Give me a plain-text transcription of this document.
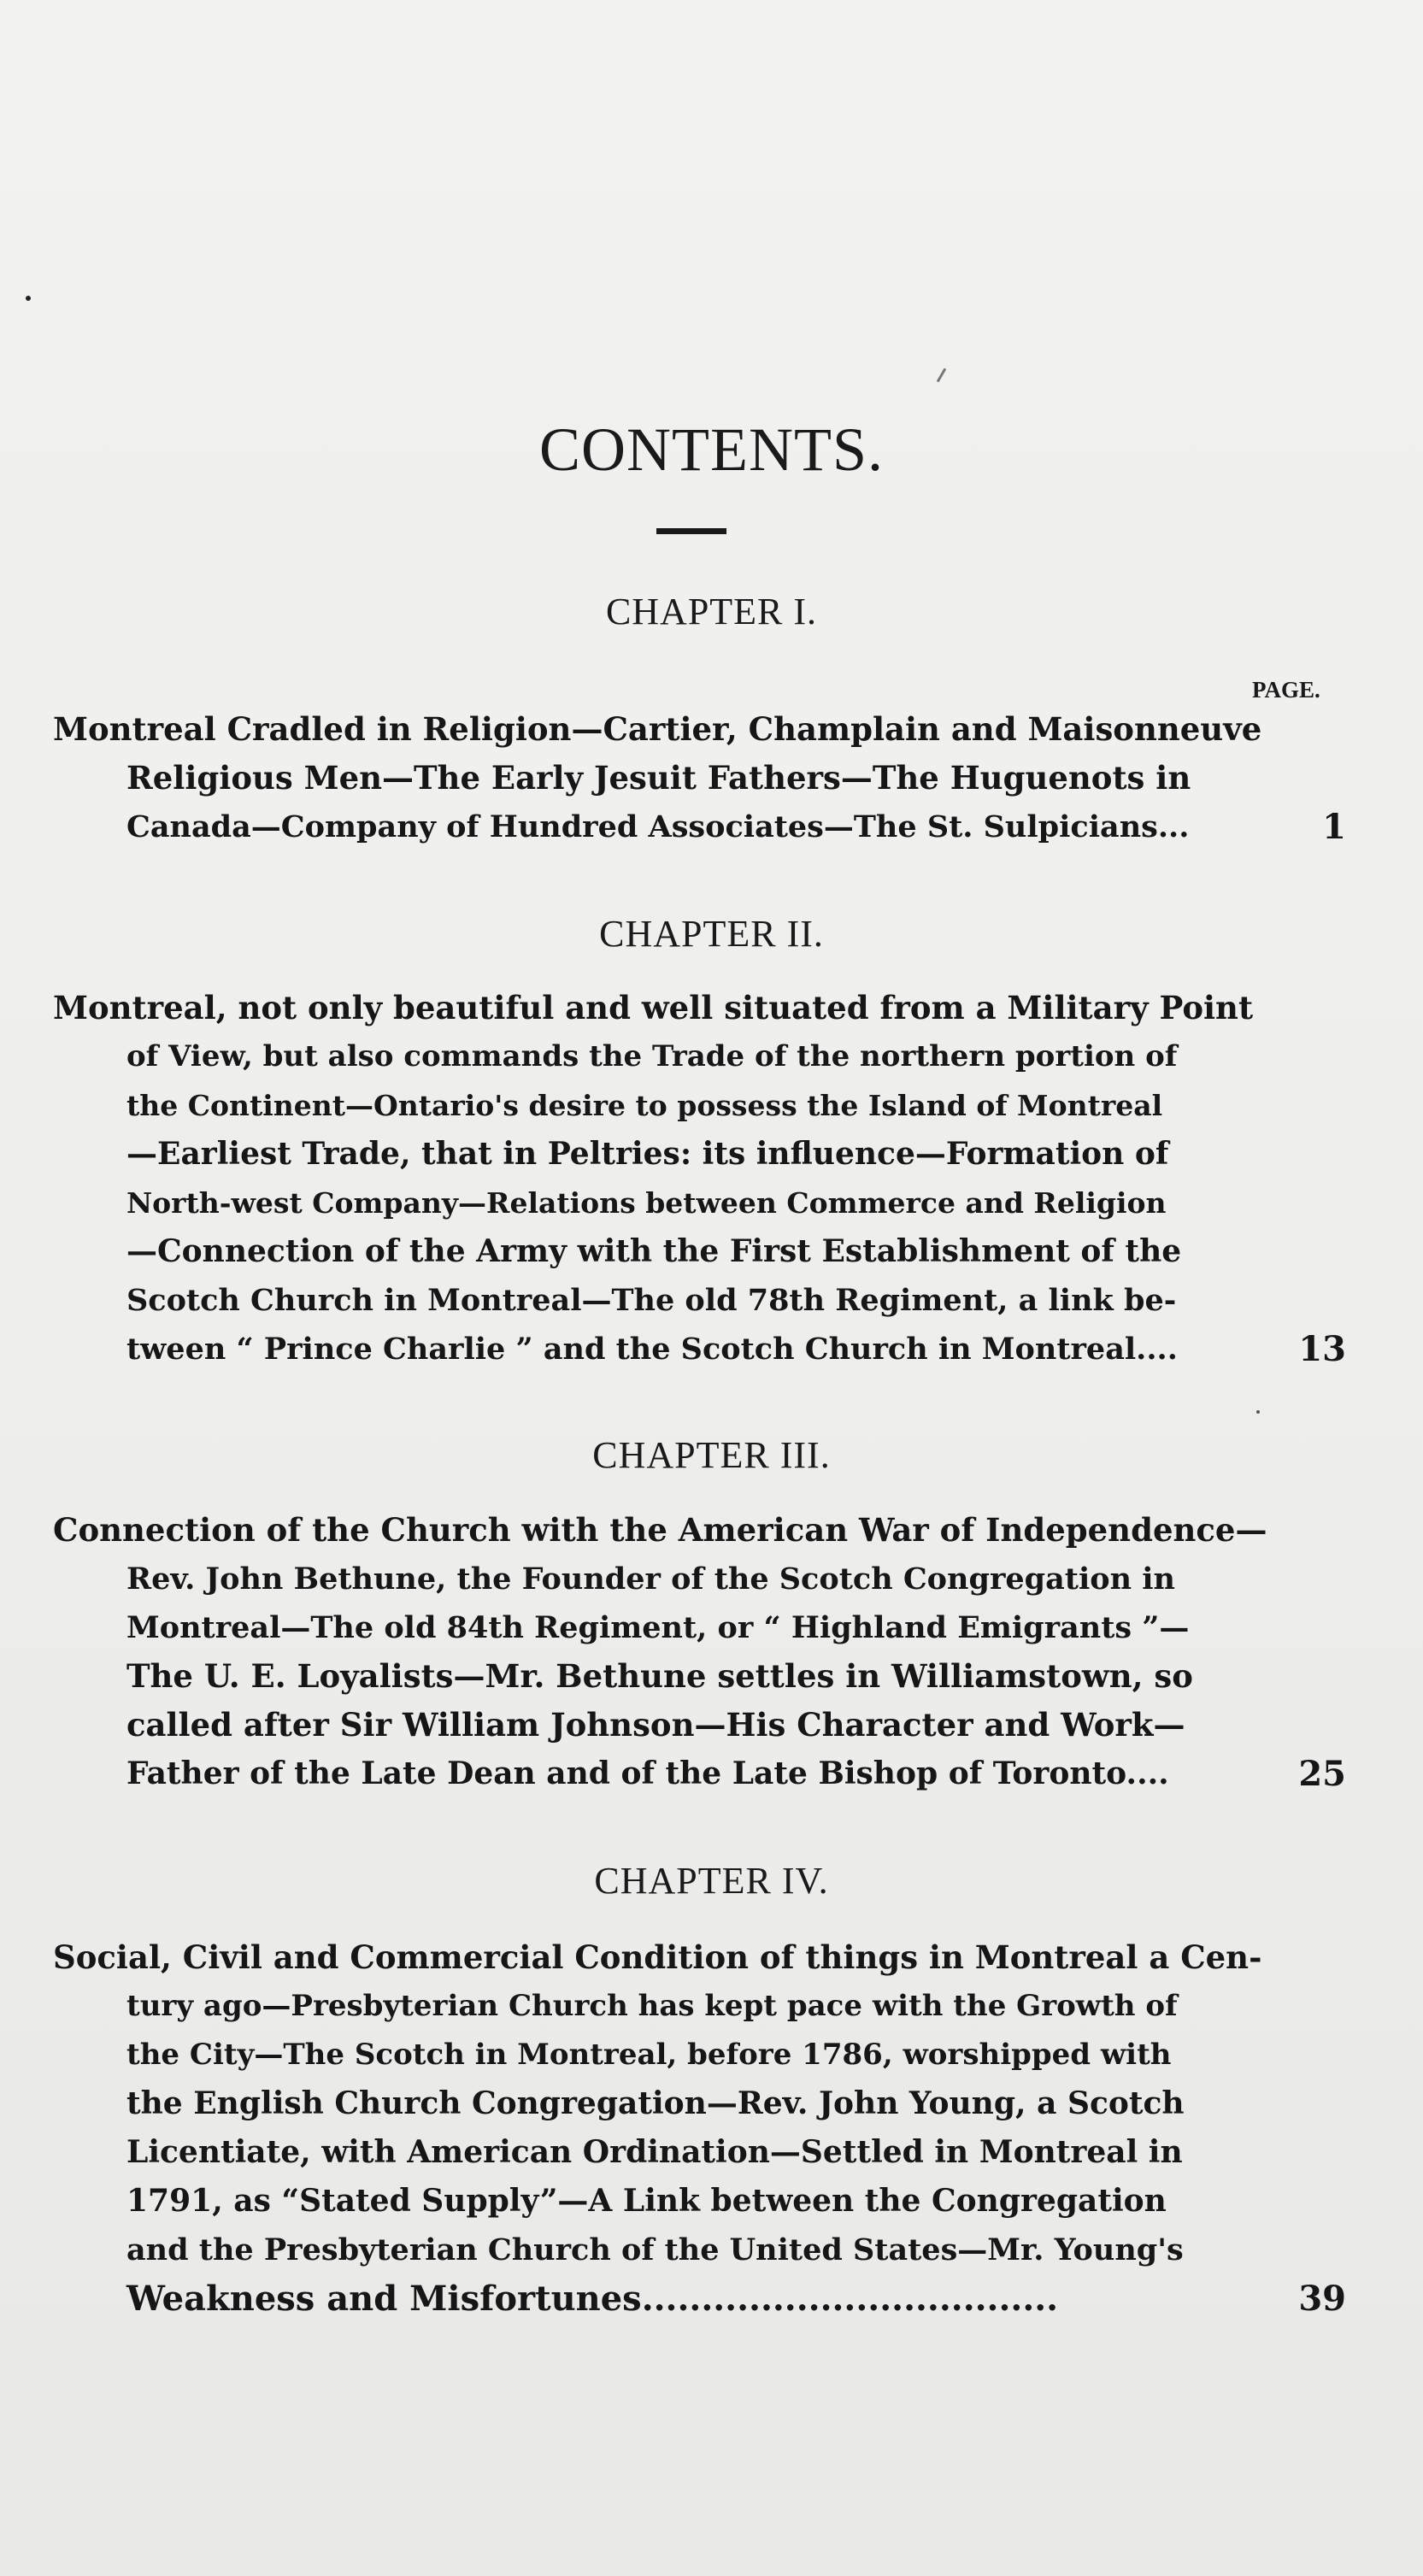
CONTENTS.
CHAPTER I.
PAGE.
Montreal Cradled in Religion—Cartier, Champlain and Maisonneuve
Religious Men—The Early Jesuit Fathers—The Huguenots in
Canada—Company of Hundred Associates—The St. Sulpicians...	1
CHAPTER II.
Montreal, not only beautiful and well situated from a Military Point
of View, but also commands the Trade of the northern portion of
the Continent—Ontario's desire to possess the Island of Montreal
—Earliest Trade, that in Peltries: its influence—Formation of
North-west Company—Relations between Commerce and Religion
—Connection of the Army with the First Establishment of the
Scotch Church in Montreal—The old 78th Regiment, a link be-
tween “ Prince Charlie ” and the Scotch Church in Montreal....	13
CHAPTER III.
Connection of the Church with the American War of Independence—
Rev. John Bethune, the Founder of the Scotch Congregation in
Montreal—The old 84th Regiment, or “ Highland Emigrants ”—
The U. E. Loyalists—Mr. Bethune settles in Williamstown, so
called after Sir William Johnson—His Character and Work—
Father of the Late Dean and of the Late Bishop of Toronto....	25
CHAPTER IV.
Social, Civil and Commercial Condition of things in Montreal a Cen-
tury ago—Presbyterian Church has kept pace with the Growth of
the City—The Scotch in Montreal, before 1786, worshipped with
the English Church Congregation—Rev. John Young, a Scotch
Licentiate, with American Ordination—Settled in Montreal in
1791, as “Stated Supply”—A Link between the Congregation
and the Presbyterian Church of the United States—Mr. Young's
Weakness and Misfortunes...................................	39
